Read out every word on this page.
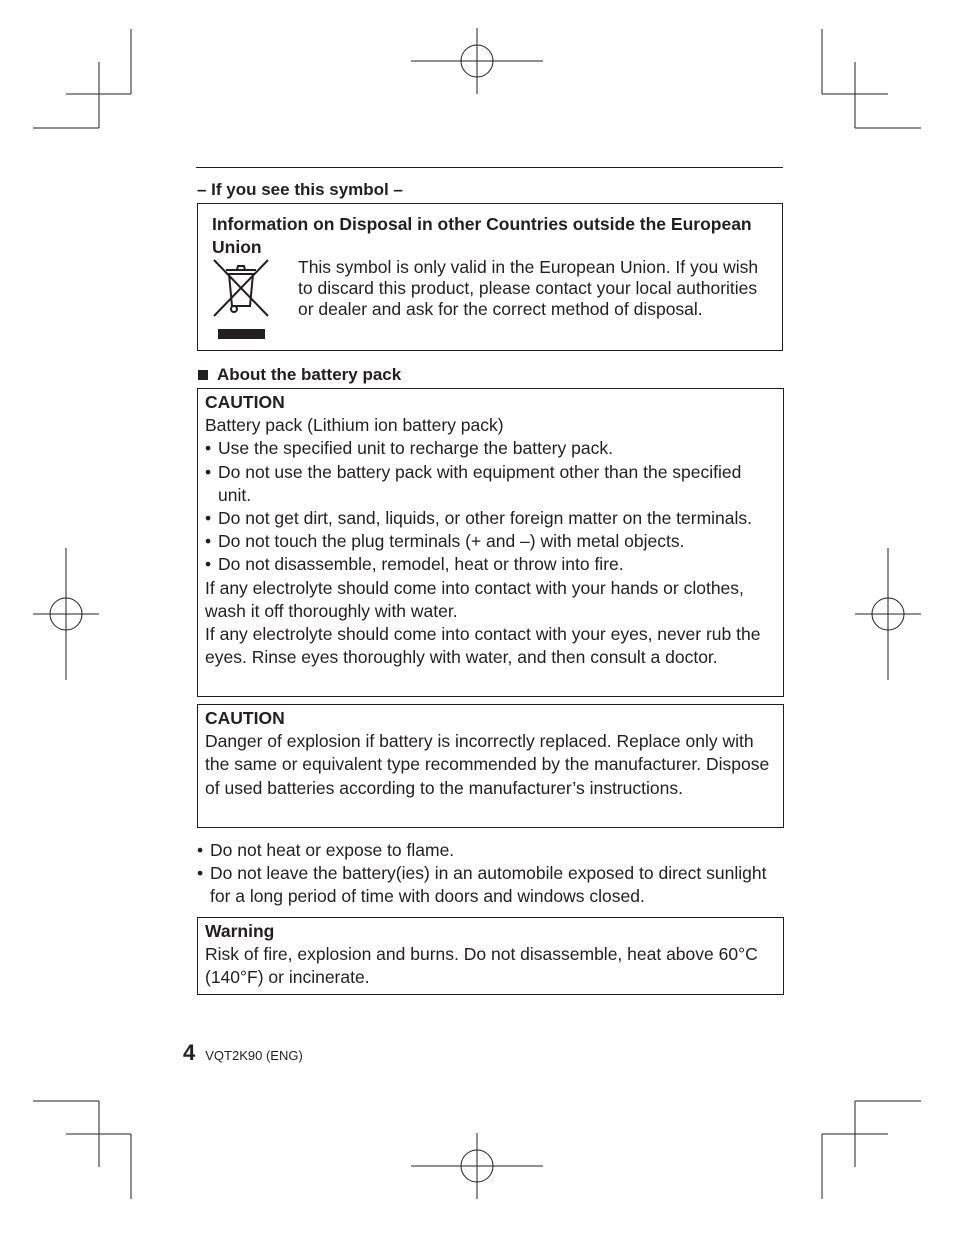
– If you see this symbol –
Information on Disposal in other Countries outside the European Union
This symbol is only valid in the European Union. If you wish to discard this product, please contact your local authorities or dealer and ask for the correct method of disposal.
About the battery pack
CAUTION
Battery pack (Lithium ion battery pack)
• Use the specified unit to recharge the battery pack.
• Do not use the battery pack with equipment other than the specified unit.
• Do not get dirt, sand, liquids, or other foreign matter on the terminals.
• Do not touch the plug terminals (+ and –) with metal objects.
• Do not disassemble, remodel, heat or throw into fire.
If any electrolyte should come into contact with your hands or clothes, wash it off thoroughly with water.
If any electrolyte should come into contact with your eyes, never rub the eyes. Rinse eyes thoroughly with water, and then consult a doctor.
CAUTION
Danger of explosion if battery is incorrectly replaced. Replace only with the same or equivalent type recommended by the manufacturer. Dispose of used batteries according to the manufacturer’s instructions.
• Do not heat or expose to flame.
• Do not leave the battery(ies) in an automobile exposed to direct sunlight for a long period of time with doors and windows closed.
Warning
Risk of fire, explosion and burns. Do not disassemble, heat above 60°C (140°F) or incinerate.
4 VQT2K90 (ENG)
